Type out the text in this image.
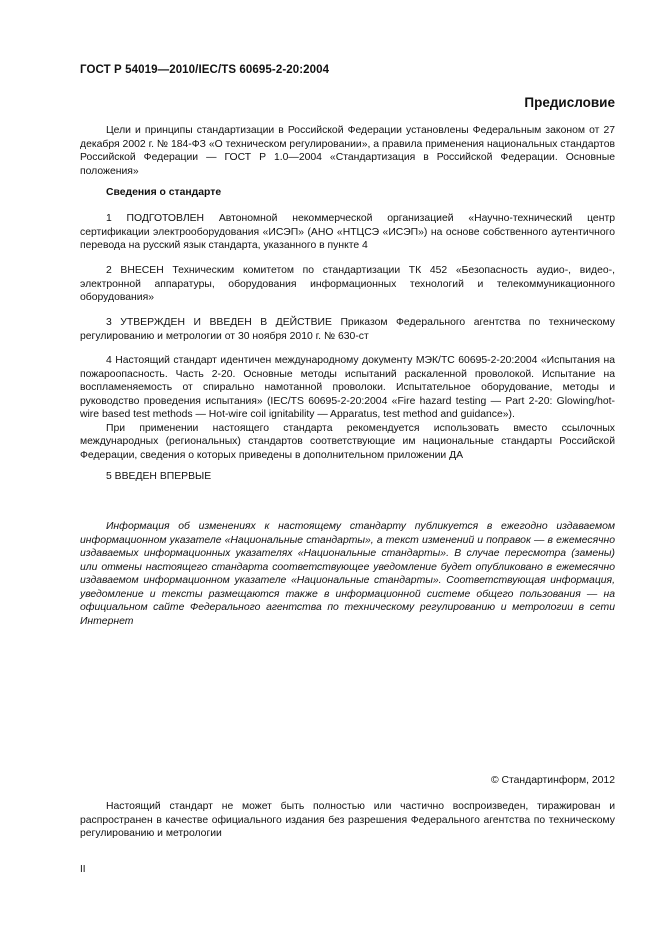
ГОСТ Р 54019—2010/IEC/TS 60695-2-20:2004
Предисловие

Цели и принципы стандартизации в Российской Федерации установлены Федеральным законом от 27 декабря 2002 г. № 184-ФЗ «О техническом регулировании», а правила применения национальных стандартов Российской Федерации — ГОСТ Р 1.0—2004 «Стандартизация в Российской Федерации. Основные положения»

Сведения о стандарте

1 ПОДГОТОВЛЕН Автономной некоммерческой организацией «Научно-технический центр сертификации электрооборудования «ИСЭП» (АНО «НТЦСЭ «ИСЭП») на основе собственного аутентичного перевода на русский язык стандарта, указанного в пункте 4

2 ВНЕСЕН Техническим комитетом по стандартизации ТК 452 «Безопасность аудио-, видео-, электронной аппаратуры, оборудования информационных технологий и телекоммуникационного оборудования»

3 УТВЕРЖДЕН И ВВЕДЕН В ДЕЙСТВИЕ Приказом Федерального агентства по техническому регулированию и метрологии от 30 ноября 2010 г. № 630-ст

4 Настоящий стандарт идентичен международному документу МЭК/ТС 60695-2-20:2004 «Испытания на пожароопасность. Часть 2-20. Основные методы испытаний раскаленной проволокой. Испытание на воспламеняемость от спирально намотанной проволоки. Испытательное оборудование, методы и руководство проведения испытания» (IEC/TS 60695-2-20:2004 «Fire hazard testing — Part 2-20: Glowing/hot-wire based test methods — Hot-wire coil ignitability — Apparatus, test method and guidance»).

При применении настоящего стандарта рекомендуется использовать вместо ссылочных международных (региональных) стандартов соответствующие им национальные стандарты Российской Федерации, сведения о которых приведены в дополнительном приложении ДА

5 ВВЕДЕН ВПЕРВЫЕ

Информация об изменениях к настоящему стандарту публикуется в ежегодно издаваемом информационном указателе «Национальные стандарты», а текст изменений и поправок — в ежемесячно издаваемых информационных указателях «Национальные стандарты». В случае пересмотра (замены) или отмены настоящего стандарта соответствующее уведомление будет опубликовано в ежемесячно издаваемом информационном указателе «Национальные стандарты». Соответствующая информация, уведомление и тексты размещаются также в информационной системе общего пользования — на официальном сайте Федерального агентства по техническому регулированию и метрологии в сети Интернет

© Стандартинформ, 2012

Настоящий стандарт не может быть полностью или частично воспроизведен, тиражирован и распространен в качестве официального издания без разрешения Федерального агентства по техническому регулированию и метрологии

II
